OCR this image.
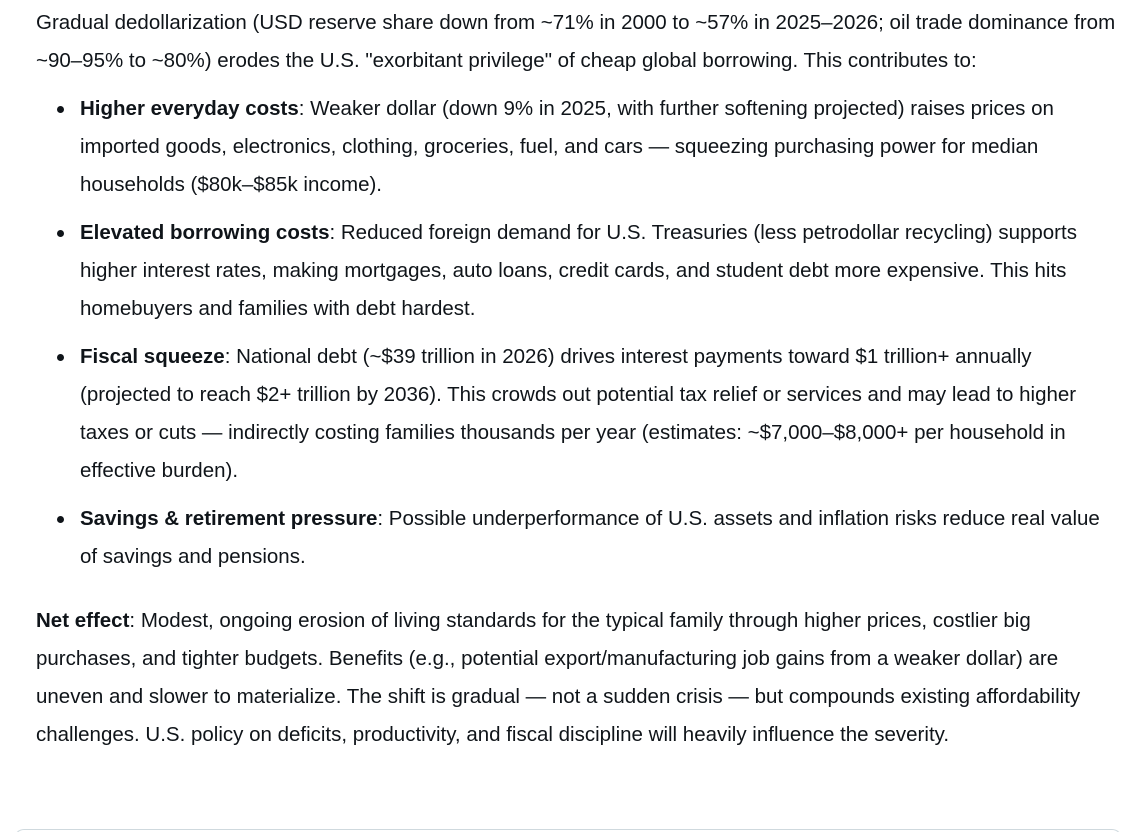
Gradual dedollarization (USD reserve share down from ~71% in 2000 to ~57% in 2025–2026; oil trade dominance from ~90–95% to ~80%) erodes the U.S. "exorbitant privilege" of cheap global borrowing. This contributes to:

Higher everyday costs: Weaker dollar (down 9% in 2025, with further softening projected) raises prices on imported goods, electronics, clothing, groceries, fuel, and cars — squeezing purchasing power for median households ($80k–$85k income).
Elevated borrowing costs: Reduced foreign demand for U.S. Treasuries (less petrodollar recycling) supports higher interest rates, making mortgages, auto loans, credit cards, and student debt more expensive. This hits homebuyers and families with debt hardest.
Fiscal squeeze: National debt (~$39 trillion in 2026) drives interest payments toward $1 trillion+ annually (projected to reach $2+ trillion by 2036). This crowds out potential tax relief or services and may lead to higher taxes or cuts — indirectly costing families thousands per year (estimates: ~$7,000–$8,000+ per household in effective burden).
Savings & retirement pressure: Possible underperformance of U.S. assets and inflation risks reduce real value of savings and pensions.

Net effect: Modest, ongoing erosion of living standards for the typical family through higher prices, costlier big purchases, and tighter budgets. Benefits (e.g., potential export/manufacturing job gains from a weaker dollar) are uneven and slower to materialize. The shift is gradual — not a sudden crisis — but compounds existing affordability challenges. U.S. policy on deficits, productivity, and fiscal discipline will heavily influence the severity.
